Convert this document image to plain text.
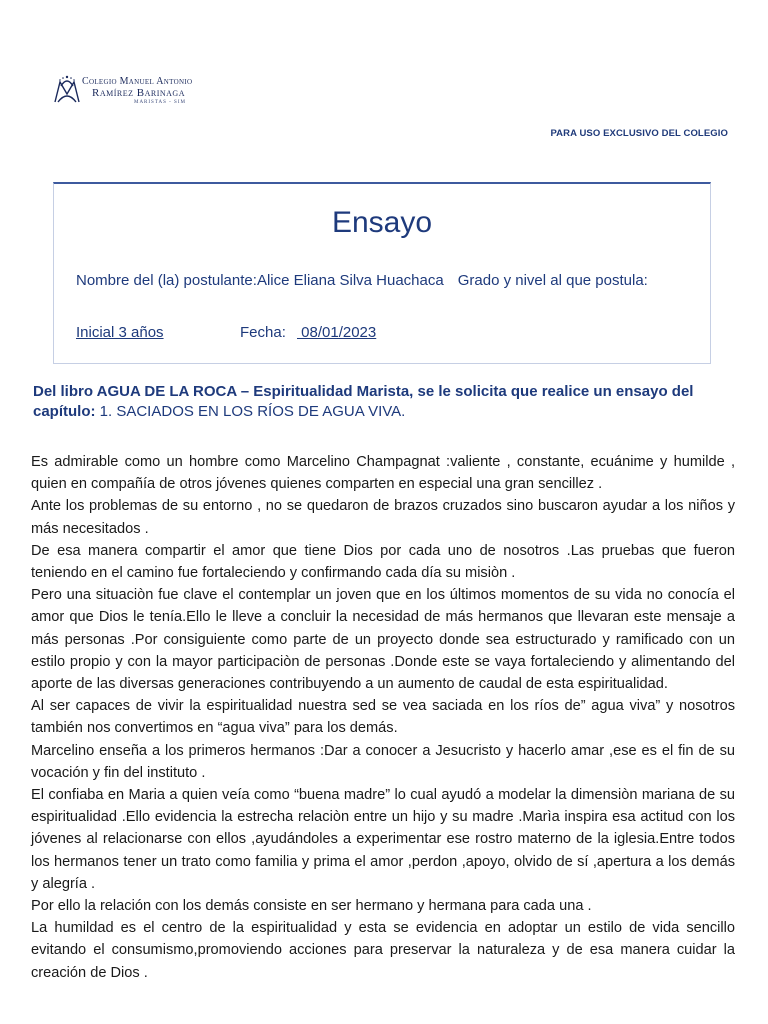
Colegio Manuel Antonio
Ramírez Barinaga
MARISTAS - SIM
PARA USO EXCLUSIVO DEL COLEGIO
Ensayo
Nombre del (la) postulante:Alice Eliana Silva Huachaca Grado y nivel al que postula:
Inicial 3 años	Fecha: 08/01/2023
Del libro AGUA DE LA ROCA – Espiritualidad Marista, se le solicita que realice un ensayo del capítulo: 1. SACIADOS EN LOS RÍOS DE AGUA VIVA.

Es admirable como un hombre como Marcelino Champagnat :valiente , constante, ecuánime y humilde , quien en compañía de otros jóvenes quienes comparten en especial una gran sencillez .

Ante los problemas de su entorno , no se quedaron de brazos cruzados sino buscaron ayudar a los niños y más necesitados .

De esa manera compartir el amor que tiene Dios por cada uno de nosotros .Las pruebas que fueron teniendo en el camino fue fortaleciendo y confirmando cada día su misiòn .

Pero una situaciòn fue clave el contemplar un joven que en los últimos momentos de su vida no conocía el amor que Dios le tenía.Ello le lleve a concluir la necesidad de más hermanos que llevaran este mensaje a más personas .Por consiguiente como parte de un proyecto donde sea estructurado y ramificado con un estilo propio y con la mayor participaciòn de personas .Donde este se vaya fortaleciendo y alimentando del aporte de las diversas generaciones contribuyendo a un aumento de caudal de esta espiritualidad.

Al ser capaces de vivir la espiritualidad nuestra sed se vea saciada en los ríos de” agua viva” y nosotros también nos convertimos en “agua viva” para los demás.

Marcelino enseña a los primeros hermanos :Dar a conocer a Jesucristo y hacerlo amar ,ese es el fin de su vocación y fin del instituto .

El confiaba en Maria a quien veía como “buena madre” lo cual ayudó a modelar la dimensiòn mariana de su espiritualidad .Ello evidencia la estrecha relaciòn entre un hijo y su madre .Marìa inspira esa actitud con los jóvenes al relacionarse con ellos ,ayudándoles a experimentar ese rostro materno de la iglesia.Entre todos los hermanos tener un trato como familia y prima el amor ,perdon ,apoyo, olvido de sí ,apertura a los demás y alegría .

Por ello la relación con los demás consiste en ser hermano y hermana para cada una .

La humildad es el centro de la espiritualidad y esta se evidencia en adoptar un estilo de vida sencillo evitando el consumismo,promoviendo acciones para preservar la naturaleza y de esa manera cuidar la creación de Dios .
